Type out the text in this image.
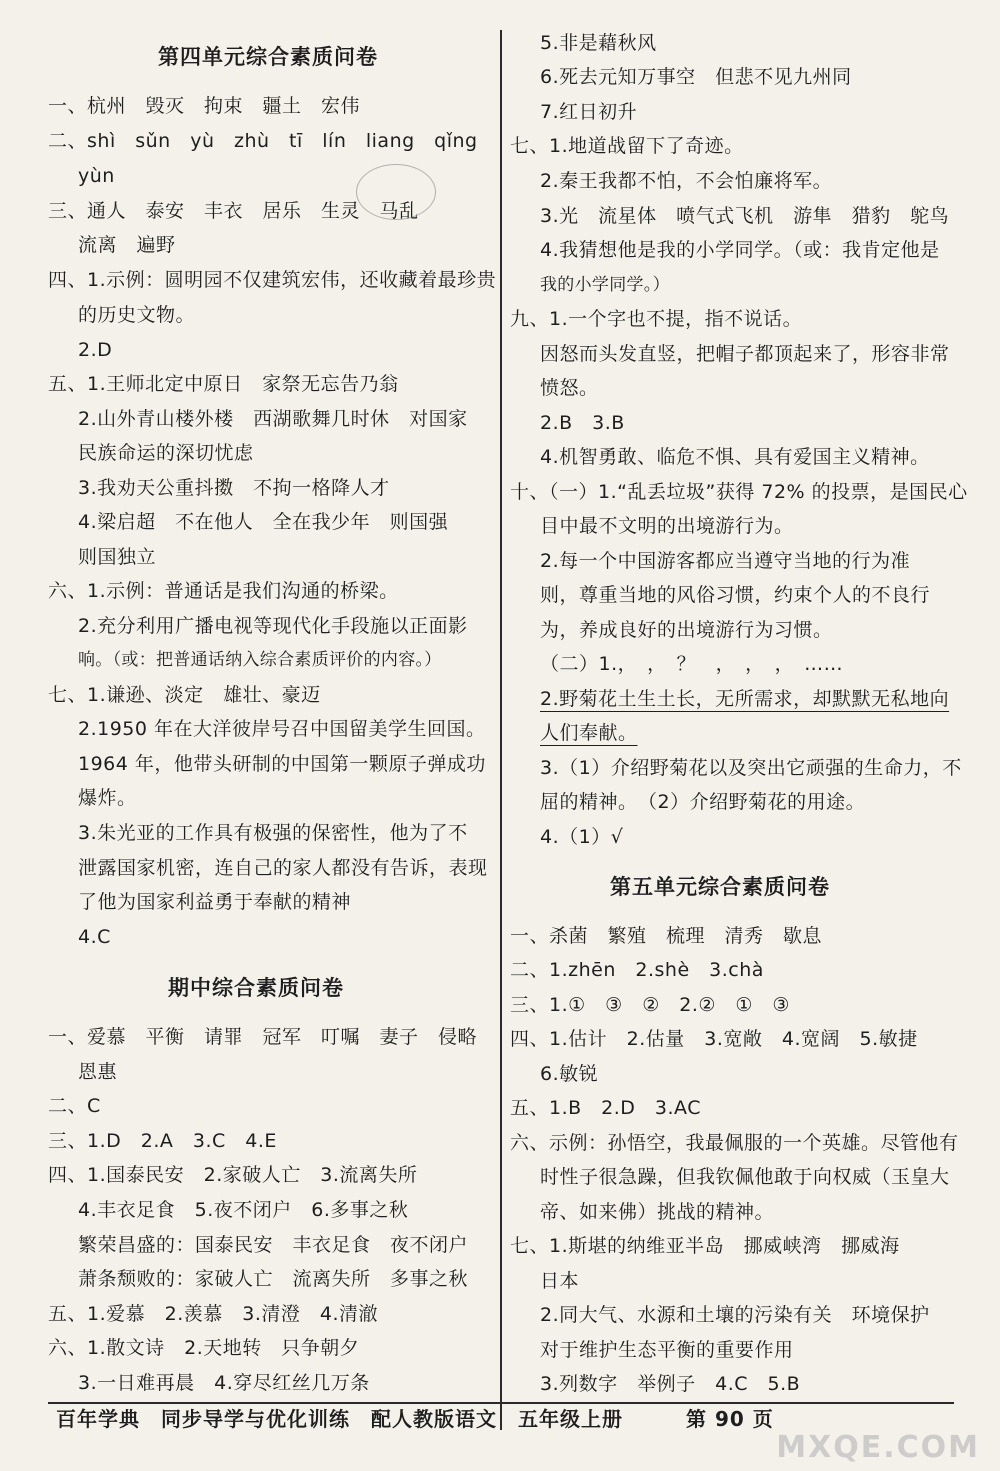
第四单元综合素质问卷
一、杭州　毁灭　拘束　疆土　宏伟
二、shì　sǔn　yù　zhù　tī　lín　liang　qǐng
yùn
三、通人　泰安　丰衣　居乐　生灵　马乱
流离　遍野
四、1.示例：圆明园不仅建筑宏伟，还收藏着最珍贵
的历史文物。
2.D
五、1.王师北定中原日　家祭无忘告乃翁
2.山外青山楼外楼　西湖歌舞几时休　对国家
民族命运的深切忧虑
3.我劝天公重抖擞　不拘一格降人才
4.梁启超　不在他人　全在我少年　则国强
则国独立
六、1.示例：普通话是我们沟通的桥梁。
2.充分利用广播电视等现代化手段施以正面影
响。（或：把普通话纳入综合素质评价的内容。）
七、1.谦逊、淡定　雄壮、豪迈
2.1950 年在大洋彼岸号召中国留美学生回国。
1964 年，他带头研制的中国第一颗原子弹成功
爆炸。
3.朱光亚的工作具有极强的保密性，他为了不
泄露国家机密，连自己的家人都没有告诉，表现
了他为国家利益勇于奉献的精神
4.C
期中综合素质问卷
一、爱慕　平衡　请罪　冠军　叮嘱　妻子　侵略
恩惠
二、C
三、1.D　2.A　3.C　4.E
四、1.国泰民安　2.家破人亡　3.流离失所
4.丰衣足食　5.夜不闭户　6.多事之秋
繁荣昌盛的：国泰民安　丰衣足食　夜不闭户
萧条颓败的：家破人亡　流离失所　多事之秋
五、1.爱慕　2.羡慕　3.清澄　4.清澈
六、1.散文诗　2.天地转　只争朝夕
3.一日难再晨　4.穿尽红丝几万条
5.非是藉秋风
6.死去元知万事空　但悲不见九州同
7.红日初升
七、1.地道战留下了奇迹。
2.秦王我都不怕，不会怕廉将军。
3.光　流星体　喷气式飞机　游隼　猎豹　鸵鸟
4.我猜想他是我的小学同学。（或：我肯定他是
我的小学同学。）
九、1.一个字也不提，指不说话。
因怒而头发直竖，把帽子都顶起来了，形容非常
愤怒。
2.B　3.B
4.机智勇敢、临危不惧、具有爱国主义精神。
十、（一）1.“乱丢垃圾”获得 72% 的投票，是国民心
目中最不文明的出境游行为。
2.每一个中国游客都应当遵守当地的行为准
则，尊重当地的风俗习惯，约束个人的不良行
为，养成良好的出境游行为习惯。
（二）1.，　，　？　，　，　，　……
2.野菊花土生土长，无所需求，却默默无私地向
人们奉献。
3.（1）介绍野菊花以及突出它顽强的生命力，不
屈的精神。　（2）介绍野菊花的用途。
4.（1）√
第五单元综合素质问卷
一、杀菌　繁殖　梳理　清秀　歇息
二、1.zhēn　2.shè　3.chà
三、1.①　③　②　2.②　①　③
四、1.估计　2.估量　3.宽敞　4.宽阔　5.敏捷
6.敏锐
五、1.B　2.D　3.AC
六、示例：孙悟空，我最佩服的一个英雄。尽管他有
时性子很急躁，但我钦佩他敢于向权威（玉皇大
帝、如来佛）挑战的精神。
七、1.斯堪的纳维亚半岛　挪威峡湾　挪威海
日本
2.同大气、水源和土壤的污染有关　环境保护
对于维护生态平衡的重要作用
3.列数字　举例子　4.C　5.B
百年学典　同步导学与优化训练　配人教版语文　五年级上册　　　第 90 页
MXQE.COM
